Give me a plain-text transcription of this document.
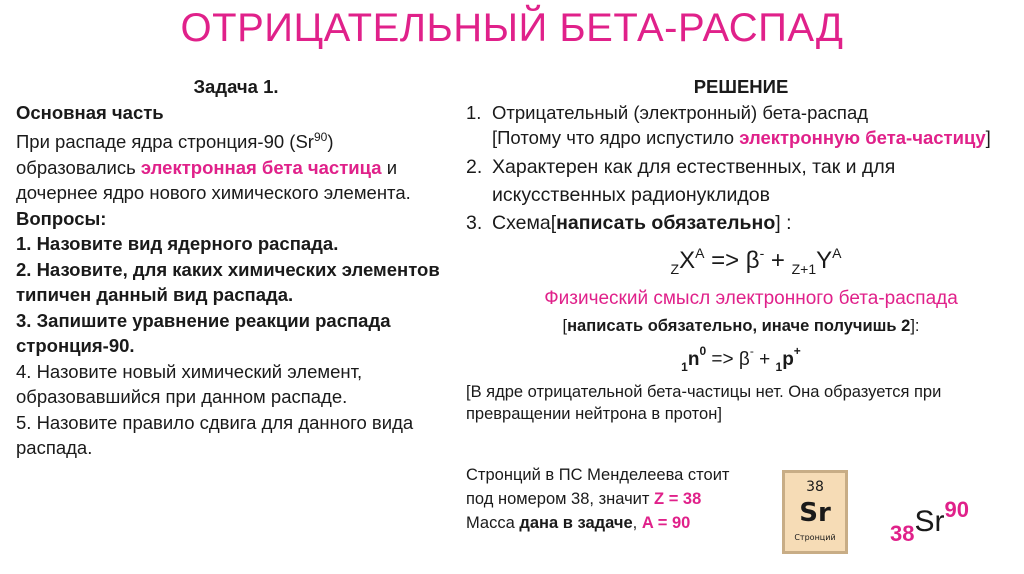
ОТРИЦАТЕЛЬНЫЙ БЕТА-РАСПАД
Задача 1.
Основная часть
При распаде ядра стронция-90 (Sr$^{90}$) образовались электронная бета частица и дочернее ядро нового химического элемента.
Вопросы:
1. Назовите вид ядерного распада.
2. Назовите, для каких химических элементов типичен данный вид распада.
3. Запишите уравнение реакции распада стронция-90.
4. Назовите новый химический элемент, образовавшийся при данном распаде.
5. Назовите правило сдвига для данного вида распада.
РЕШЕНИЕ
1. Отрицательный (электронный) бета-распад
[Потому что ядро испустило электронную бета-частицу]
2. Характерен как для естественных, так и для искусственных радионуклидов
3. Схема[написать обязательно] :
$_ZX^A => \beta^- + _{Z+1}Y^A$
Физический смысл электронного бета-распада
[написать обязательно, иначе получишь 2]:
$_1n^0 => \beta^- + _1p^+$
[В ядре отрицательной бета-частицы нет. Она образуется при превращении нейтрона в протон]
Стронций в ПС Менделеева стоит
под номером 38, значит Z = 38
Масса дана в задаче, A = 90
38
Sr
Стронций	$_{38}Sr^{90}$
